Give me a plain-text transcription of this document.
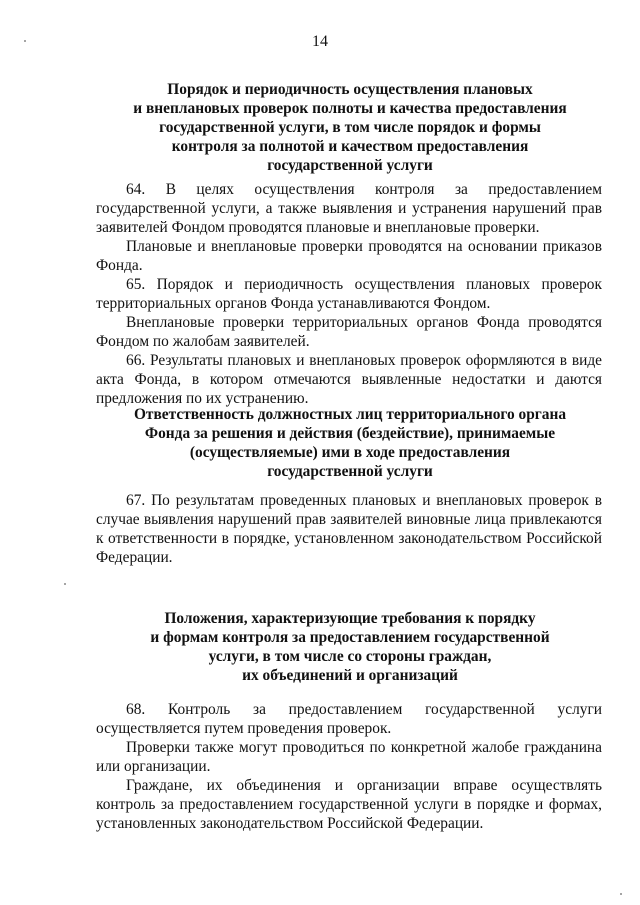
14
Порядок и периодичность осуществления плановых
и внеплановых проверок полноты и качества предоставления
государственной услуги, в том числе порядок и формы
контроля за полнотой и качеством предоставления
государственной услуги

64. В целях осуществления контроля за предоставлением государственной услуги, а также выявления и устранения нарушений прав заявителей Фондом проводятся плановые и внеплановые проверки.

Плановые и внеплановые проверки проводятся на основании приказов Фонда.

65. Порядок и периодичность осуществления плановых проверок территориальных органов Фонда устанавливаются Фондом.

Внеплановые проверки территориальных органов Фонда проводятся Фондом по жалобам заявителей.

66. Результаты плановых и внеплановых проверок оформляются в виде акта Фонда, в котором отмечаются выявленные недостатки и даются предложения по их устранению.

Ответственность должностных лиц территориального органа
Фонда за решения и действия (бездействие), принимаемые
(осуществляемые) ими в ходе предоставления
государственной услуги

67. По результатам проведенных плановых и внеплановых проверок в случае выявления нарушений прав заявителей виновные лица привлекаются к ответственности в порядке, установленном законодательством Российской Федерации.

Положения, характеризующие требования к порядку
и формам контроля за предоставлением государственной
услуги, в том числе со стороны граждан,
их объединений и организаций

68. Контроль за предоставлением государственной услуги осуществляется путем проведения проверок.

Проверки также могут проводиться по конкретной жалобе гражданина или организации.

Граждане, их объединения и организации вправе осуществлять контроль за предоставлением государственной услуги в порядке и формах, установленных законодательством Российской Федерации.
